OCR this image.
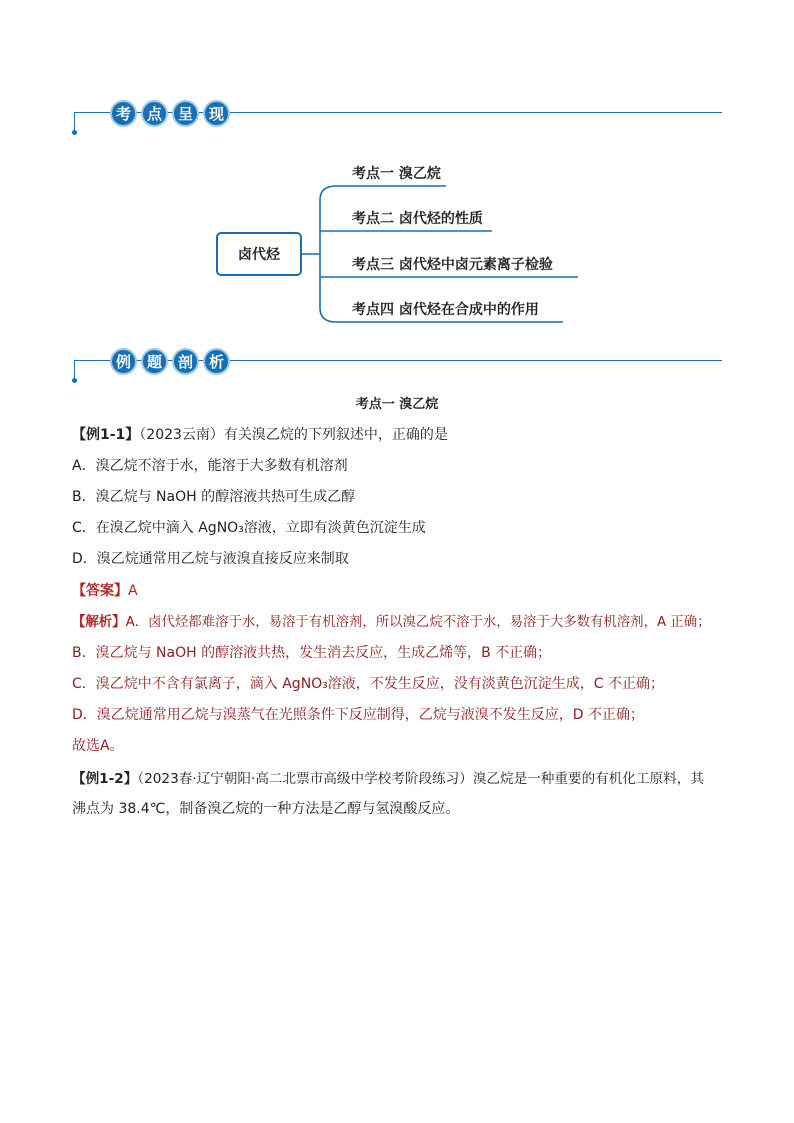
考	点	呈	现
卤代烃
考点一 溴乙烷
考点二 卤代烃的性质
考点三 卤代烃中卤元素离子检验
考点四 卤代烃在合成中的作用
例	题	剖	析
考点一 溴乙烷
【例1-1】（2023云南）有关溴乙烷的下列叙述中，正确的是
A．溴乙烷不溶于水，能溶于大多数有机溶剂
B．溴乙烷与 NaOH 的醇溶液共热可生成乙醇
C．在溴乙烷中滴入 AgNO₃溶液，立即有淡黄色沉淀生成
D．溴乙烷通常用乙烷与液溴直接反应来制取
【答案】A
【解析】A．卤代烃都难溶于水，易溶于有机溶剂，所以溴乙烷不溶于水，易溶于大多数有机溶剂，A 正确；
B．溴乙烷与 NaOH 的醇溶液共热，发生消去反应，生成乙烯等，B 不正确；
C．溴乙烷中不含有氯离子，滴入 AgNO₃溶液，不发生反应，没有淡黄色沉淀生成，C 不正确；
D．溴乙烷通常用乙烷与溴蒸气在光照条件下反应制得，乙烷与液溴不发生反应，D 不正确；
故选A。
【例1-2】（2023春·辽宁朝阳·高二北票市高级中学校考阶段练习）溴乙烷是一种重要的有机化工原料，其
沸点为 38.4℃，制备溴乙烷的一种方法是乙醇与氢溴酸反应。
